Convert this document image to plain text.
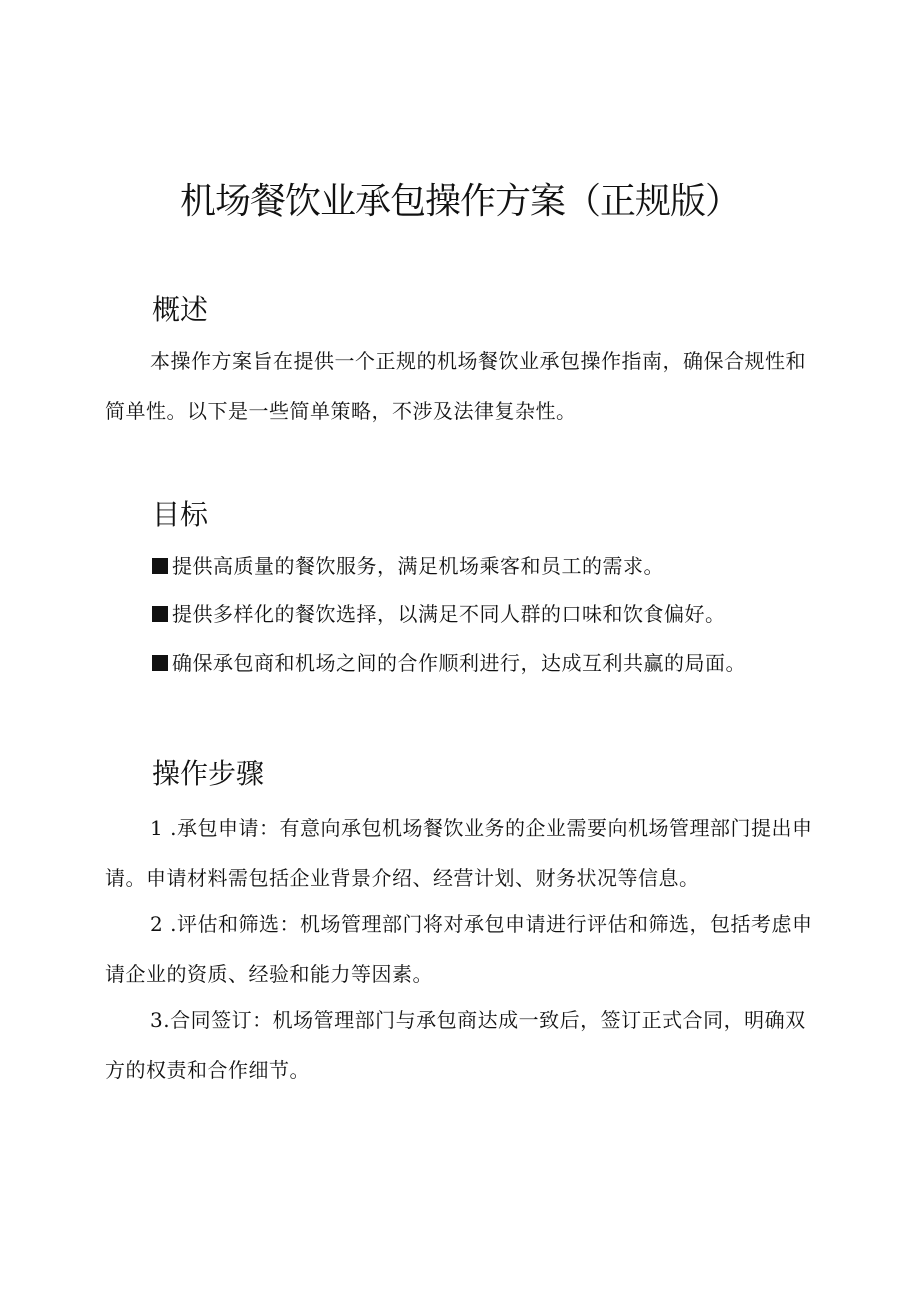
机场餐饮业承包操作方案（正规版）
概述

本操作方案旨在提供一个正规的机场餐饮业承包操作指南，确保合规性和简单性。以下是一些简单策略，不涉及法律复杂性。

目标

提供高质量的餐饮服务，满足机场乘客和员工的需求。

提供多样化的餐饮选择，以满足不同人群的口味和饮食偏好。

确保承包商和机场之间的合作顺利进行，达成互利共赢的局面。

操作步骤

1 .承包申请：有意向承包机场餐饮业务的企业需要向机场管理部门提出申请。申请材料需包括企业背景介绍、经营计划、财务状况等信息。

2 .评估和筛选：机场管理部门将对承包申请进行评估和筛选，包括考虑申请企业的资质、经验和能力等因素。

3.合同签订：机场管理部门与承包商达成一致后，签订正式合同，明确双方的权责和合作细节。
